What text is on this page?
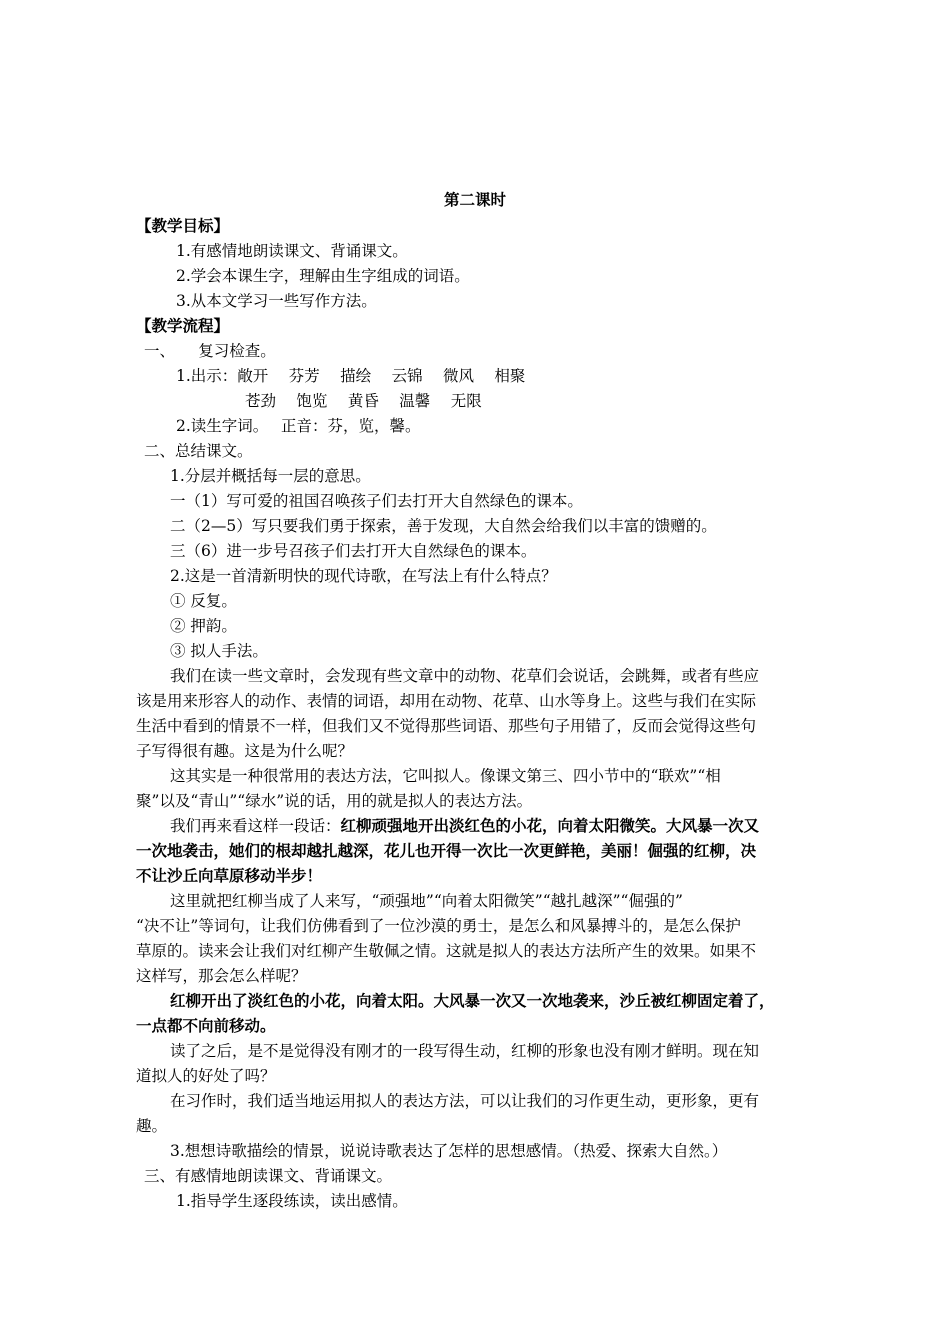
第二课时
【教学目标】
1.有感情地朗读课文、背诵课文。
2.学会本课生字，理解由生字组成的词语。
3.从本文学习一些写作方法。
【教学流程】
一、　　复习检查。
1.出示：敞开　 芬芳　 描绘　 云锦　 微风　 相聚
苍劲　 饱览　 黄昏　 温馨　 无限
2.读生字词。　 正音：芬，览，馨。
二、总结课文。
1.分层并概括每一层的意思。
一（1）写可爱的祖国召唤孩子们去打开大自然绿色的课本。
二（2—5）写只要我们勇于探索，善于发现，大自然会给我们以丰富的馈赠的。
三（6）进一步号召孩子们去打开大自然绿色的课本。
2.这是一首清新明快的现代诗歌，在写法上有什么特点？
① 反复。
② 押韵。
③ 拟人手法。
我们在读一些文章时，会发现有些文章中的动物、花草们会说话，会跳舞，或者有些应
该是用来形容人的动作、表情的词语，却用在动物、花草、山水等身上。这些与我们在实际
生活中看到的情景不一样，但我们又不觉得那些词语、那些句子用错了，反而会觉得这些句
子写得很有趣。这是为什么呢？
这其实是一种很常用的表达方法，它叫拟人。像课文第三、四小节中的“联欢”“相
聚”以及“青山”“绿水”说的话，用的就是拟人的表达方法。
我们再来看这样一段话：红柳顽强地开出淡红色的小花，向着太阳微笑。大风暴一次又
一次地袭击，她们的根却越扎越深，花儿也开得一次比一次更鲜艳，美丽！倔强的红柳，决
不让沙丘向草原移动半步！
这里就把红柳当成了人来写，“顽强地”“向着太阳微笑”“越扎越深”“倔强的”
“决不让”等词句，让我们仿佛看到了一位沙漠的勇士，是怎么和风暴搏斗的，是怎么保护
草原的。读来会让我们对红柳产生敬佩之情。这就是拟人的表达方法所产生的效果。如果不
这样写，那会怎么样呢？
红柳开出了淡红色的小花，向着太阳。大风暴一次又一次地袭来，沙丘被红柳固定着了，
一点都不向前移动。
读了之后，是不是觉得没有刚才的一段写得生动，红柳的形象也没有刚才鲜明。现在知
道拟人的好处了吗？
在习作时，我们适当地运用拟人的表达方法，可以让我们的习作更生动，更形象，更有
趣。
3.想想诗歌描绘的情景，说说诗歌表达了怎样的思想感情。（热爱、探索大自然。）
三、有感情地朗读课文、背诵课文。
1.指导学生逐段练读，读出感情。
